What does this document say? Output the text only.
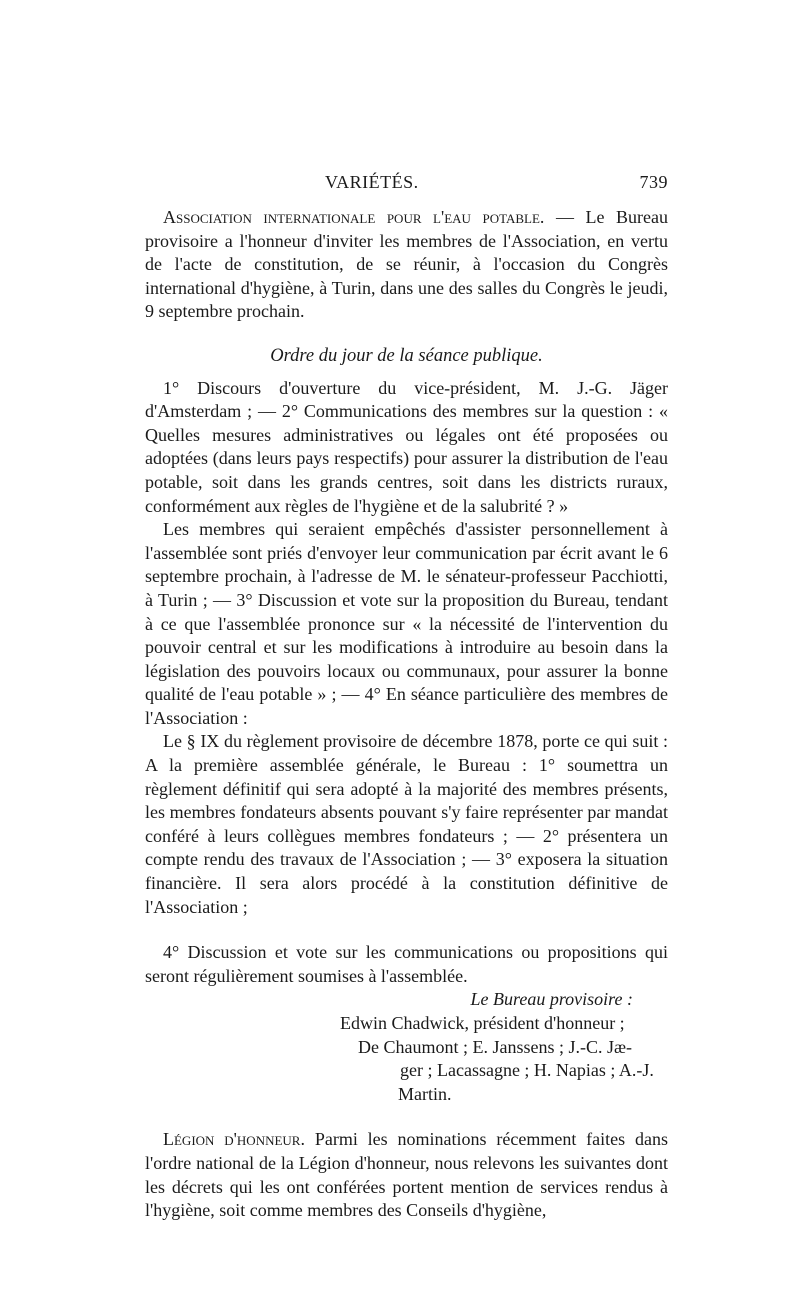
VARIÉTÉS.	739

Association internationale pour l'eau potable. — Le Bureau provisoire a l'honneur d'inviter les membres de l'Association, en vertu de l'acte de constitution, de se réunir, à l'occasion du Congrès international d'hygiène, à Turin, dans une des salles du Congrès le jeudi, 9 septembre prochain.

Ordre du jour de la séance publique.

1° Discours d'ouverture du vice-président, M. J.-G. Jäger d'Amsterdam ; — 2° Communications des membres sur la question : « Quelles mesures administratives ou légales ont été proposées ou adoptées (dans leurs pays respectifs) pour assurer la distribution de l'eau potable, soit dans les grands centres, soit dans les districts ruraux, conformément aux règles de l'hygiène et de la salubrité ? »

Les membres qui seraient empêchés d'assister personnellement à l'assemblée sont priés d'envoyer leur communication par écrit avant le 6 septembre prochain, à l'adresse de M. le sénateur-professeur Pacchiotti, à Turin ; — 3° Discussion et vote sur la proposition du Bureau, tendant à ce que l'assemblée prononce sur « la nécessité de l'intervention du pouvoir central et sur les modifications à introduire au besoin dans la législation des pouvoirs locaux ou communaux, pour assurer la bonne qualité de l'eau potable » ; — 4° En séance particulière des membres de l'Association :

Le § IX du règlement provisoire de décembre 1878, porte ce qui suit : A la première assemblée générale, le Bureau : 1° soumettra un règlement définitif qui sera adopté à la majorité des membres présents, les membres fondateurs absents pouvant s'y faire représenter par mandat conféré à leurs collègues membres fondateurs ; — 2° présentera un compte rendu des travaux de l'Association ; — 3° exposera la situation financière. Il sera alors procédé à la constitution définitive de l'Association ;

4° Discussion et vote sur les communications ou propositions qui seront régulièrement soumises à l'assemblée.

Le Bureau provisoire :

Edwin Chadwick, président d'honneur ;
De Chaumont ; E. Janssens ; J.-C. Jæ-
ger ; Lacassagne ; H. Napias ; A.-J.
Martin.

Légion d'honneur. Parmi les nominations récemment faites dans l'ordre national de la Légion d'honneur, nous relevons les suivantes dont les décrets qui les ont conférées portent mention de services rendus à l'hygiène, soit comme membres des Conseils d'hygiène,
